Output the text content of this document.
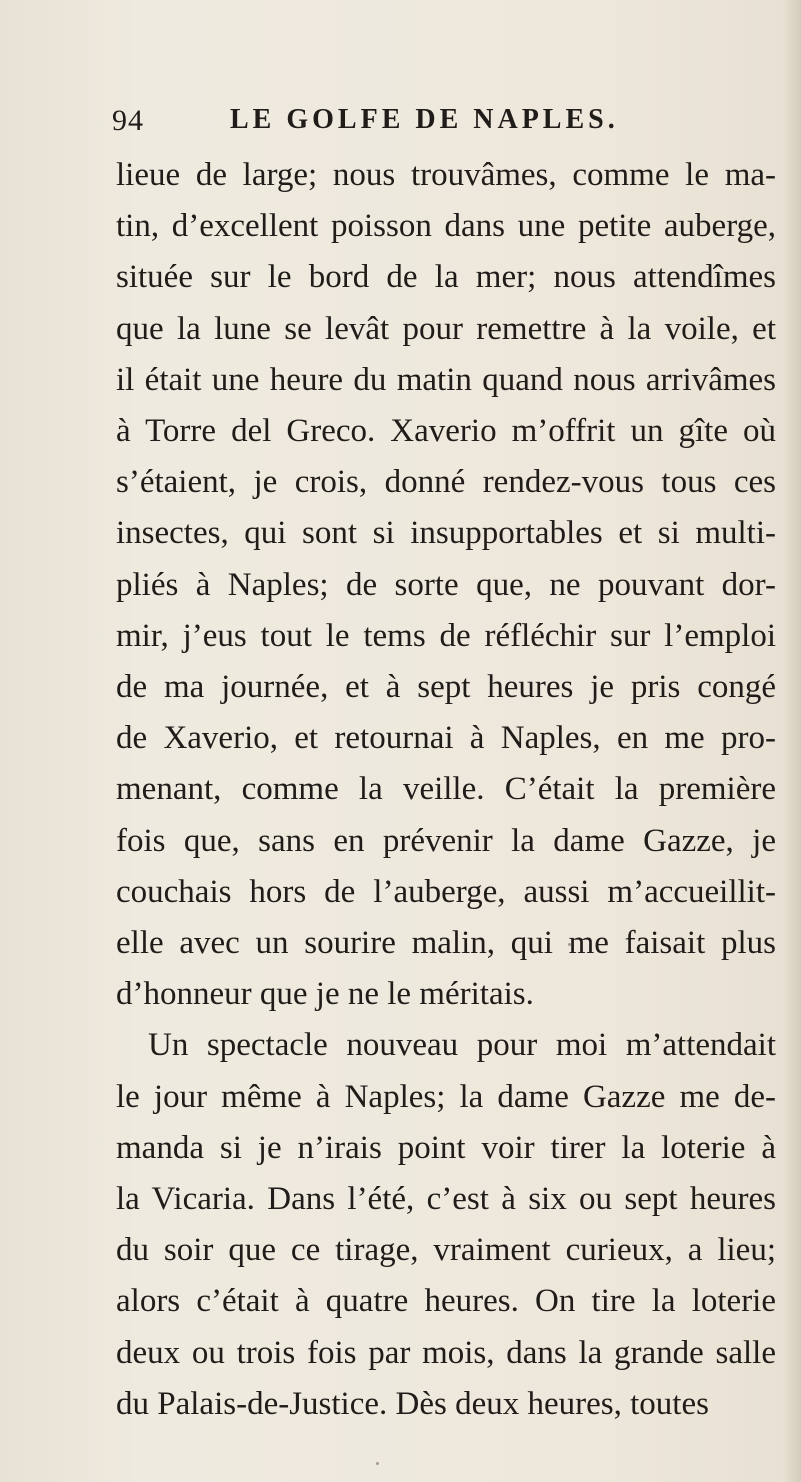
94	LE GOLFE DE NAPLES.
lieue de large; nous trouvâmes, comme le ma-
tin, d’excellent poisson dans une petite auberge,
située sur le bord de la mer; nous attendîmes
que la lune se levât pour remettre à la voile, et
il était une heure du matin quand nous arrivâmes
à Torre del Greco. Xaverio m’offrit un gîte où
s’étaient, je crois, donné rendez-vous tous ces
insectes, qui sont si insupportables et si multi-
pliés à Naples; de sorte que, ne pouvant dor-
mir, j’eus tout le tems de réfléchir sur l’emploi
de ma journée, et à sept heures je pris congé
de Xaverio, et retournai à Naples, en me pro-
menant, comme la veille. C’était la première
fois que, sans en prévenir la dame Gazze, je
couchais hors de l’auberge, aussi m’accueillit-
elle avec un sourire malin, qui me faisait plus
d’honneur que je ne le méritais.
Un spectacle nouveau pour moi m’attendait
le jour même à Naples; la dame Gazze me de-
manda si je n’irais point voir tirer la loterie à
la Vicaria. Dans l’été, c’est à six ou sept heures
du soir que ce tirage, vraiment curieux, a lieu;
alors c’était à quatre heures. On tire la loterie
deux ou trois fois par mois, dans la grande salle
du Palais-de-Justice. Dès deux heures, toutes
